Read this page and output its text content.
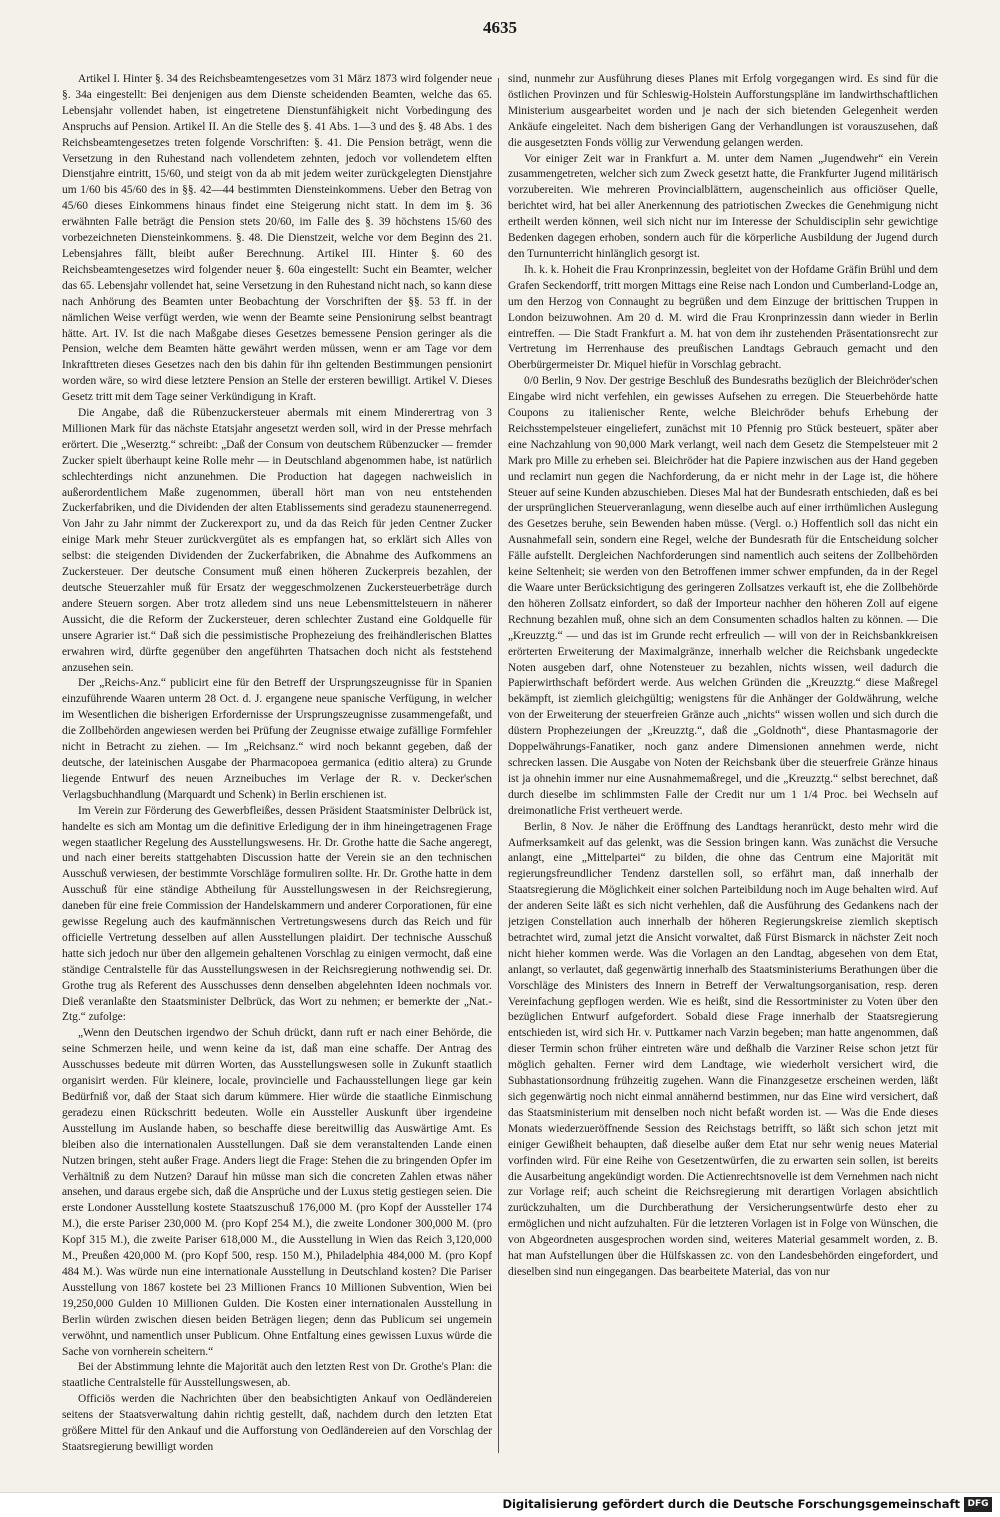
4635

Artikel I. Hinter §. 34 des Reichsbeamtengesetzes vom 31 März 1873 wird folgender neue §. 34a eingestellt: Bei denjenigen aus dem Dienste scheidenden Beamten, welche das 65. Lebensjahr vollendet haben, ist eingetretene Dienstunfähigkeit nicht Vorbedingung des Anspruchs auf Pension. Artikel II. An die Stelle des §. 41 Abs. 1—3 und des §. 48 Abs. 1 des Reichsbeamtengesetzes treten folgende Vorschriften: §. 41. Die Pension beträgt, wenn die Versetzung in den Ruhestand nach vollendetem zehnten, jedoch vor vollendetem elften Dienstjahre eintritt, 15/60, und steigt von da ab mit jedem weiter zurückgelegten Dienstjahre um 1/60 bis 45/60 des in §§. 42—44 bestimmten Diensteinkommens. Ueber den Betrag von 45/60 dieses Einkommens hinaus findet eine Steigerung nicht statt. In dem im §. 36 erwähnten Falle beträgt die Pension stets 20/60, im Falle des §. 39 höchstens 15/60 des vorbezeichneten Diensteinkommens. §. 48. Die Dienstzeit, welche vor dem Beginn des 21. Lebensjahres fällt, bleibt außer Berechnung. Artikel III. Hinter §. 60 des Reichsbeamtengesetzes wird folgender neuer §. 60a eingestellt: Sucht ein Beamter, welcher das 65. Lebensjahr vollendet hat, seine Versetzung in den Ruhestand nicht nach, so kann diese nach Anhörung des Beamten unter Beobachtung der Vorschriften der §§. 53 ff. in der nämlichen Weise verfügt werden, wie wenn der Beamte seine Pensionirung selbst beantragt hätte. Art. IV. Ist die nach Maßgabe dieses Gesetzes bemessene Pension geringer als die Pension, welche dem Beamten hätte gewährt werden müssen, wenn er am Tage vor dem Inkrafttreten dieses Gesetzes nach den bis dahin für ihn geltenden Bestimmungen pensionirt worden wäre, so wird diese letztere Pension an Stelle der ersteren bewilligt. Artikel V. Dieses Gesetz tritt mit dem Tage seiner Verkündigung in Kraft.

Die Angabe, daß die Rübenzuckersteuer abermals mit einem Minderertrag von 3 Millionen Mark für das nächste Etatsjahr angesetzt werden soll, wird in der Presse mehrfach erörtert. Die „Weserztg.“ schreibt: „Daß der Consum von deutschem Rübenzucker — fremder Zucker spielt überhaupt keine Rolle mehr — in Deutschland abgenommen habe, ist natürlich schlechterdings nicht anzunehmen. Die Production hat dagegen nachweislich in außerordentlichem Maße zugenommen, überall hört man von neu entstehenden Zuckerfabriken, und die Dividenden der alten Etablissements sind geradezu staunenerregend. Von Jahr zu Jahr nimmt der Zuckerexport zu, und da das Reich für jeden Centner Zucker einige Mark mehr Steuer zurückvergütet als es empfangen hat, so erklärt sich Alles von selbst: die steigenden Dividenden der Zuckerfabriken, die Abnahme des Aufkommens an Zuckersteuer. Der deutsche Consument muß einen höheren Zuckerpreis bezahlen, der deutsche Steuerzahler muß für Ersatz der weggeschmolzenen Zuckersteuerbeträge durch andere Steuern sorgen. Aber trotz alledem sind uns neue Lebensmittelsteuern in näherer Aussicht, die die Reform der Zuckersteuer, deren schlechter Zustand eine Goldquelle für unsere Agrarier ist.“ Daß sich die pessimistische Prophezeiung des freihändlerischen Blattes erwahren wird, dürfte gegenüber den angeführten Thatsachen doch nicht als feststehend anzusehen sein.

Der „Reichs-Anz.“ publicirt eine für den Betreff der Ursprungszeugnisse für in Spanien einzuführende Waaren unterm 28 Oct. d. J. ergangene neue spanische Verfügung, in welcher im Wesentlichen die bisherigen Erfordernisse der Ursprungszeugnisse zusammengefaßt, und die Zollbehörden angewiesen werden bei Prüfung der Zeugnisse etwaige zufällige Formfehler nicht in Betracht zu ziehen. — Im „Reichsanz.“ wird noch bekannt gegeben, daß der deutsche, der lateinischen Ausgabe der Pharmacopoea germanica (editio altera) zu Grunde liegende Entwurf des neuen Arzneibuches im Verlage der R. v. Decker'schen Verlagsbuchhandlung (Marquardt und Schenk) in Berlin erschienen ist.

Im Verein zur Förderung des Gewerbfleißes, dessen Präsident Staatsminister Delbrück ist, handelte es sich am Montag um die definitive Erledigung der in ihm hineingetragenen Frage wegen staatlicher Regelung des Ausstellungswesens. Hr. Dr. Grothe hatte die Sache angeregt, und nach einer bereits stattgehabten Discussion hatte der Verein sie an den technischen Ausschuß verwiesen, der bestimmte Vorschläge formuliren sollte. Hr. Dr. Grothe hatte in dem Ausschuß für eine ständige Abtheilung für Ausstellungswesen in der Reichsregierung, daneben für eine freie Commission der Handelskammern und anderer Corporationen, für eine gewisse Regelung auch des kaufmännischen Vertretungswesens durch das Reich und für officielle Vertretung desselben auf allen Ausstellungen plaidirt. Der technische Ausschuß hatte sich jedoch nur über den allgemein gehaltenen Vorschlag zu einigen vermocht, daß eine ständige Centralstelle für das Ausstellungswesen in der Reichsregierung nothwendig sei. Dr. Grothe trug als Referent des Ausschusses denn denselben abgelehnten Ideen nochmals vor. Dieß veranlaßte den Staatsminister Delbrück, das Wort zu nehmen; er bemerkte der „Nat.-Ztg.“ zufolge:

„Wenn den Deutschen irgendwo der Schuh drückt, dann ruft er nach einer Behörde, die seine Schmerzen heile, und wenn keine da ist, daß man eine schaffe. Der Antrag des Ausschusses bedeute mit dürren Worten, das Ausstellungswesen solle in Zukunft staatlich organisirt werden. Für kleinere, locale, provincielle und Fachausstellungen liege gar kein Bedürfniß vor, daß der Staat sich darum kümmere. Hier würde die staatliche Einmischung geradezu einen Rückschritt bedeuten. Wolle ein Aussteller Auskunft über irgendeine Ausstellung im Auslande haben, so beschaffe diese bereitwillig das Auswärtige Amt. Es bleiben also die internationalen Ausstellungen. Daß sie dem veranstaltenden Lande einen Nutzen bringen, steht außer Frage. Anders liegt die Frage: Stehen die zu bringenden Opfer im Verhältniß zu dem Nutzen? Darauf hin müsse man sich die concreten Zahlen etwas näher ansehen, und daraus ergebe sich, daß die Ansprüche und der Luxus stetig gestiegen seien. Die erste Londoner Ausstellung kostete Staatszuschuß 176,000 M. (pro Kopf der Aussteller 174 M.), die erste Pariser 230,000 M. (pro Kopf 254 M.), die zweite Londoner 300,000 M. (pro Kopf 315 M.), die zweite Pariser 618,000 M., die Ausstellung in Wien das Reich 3,120,000 M., Preußen 420,000 M. (pro Kopf 500, resp. 150 M.), Philadelphia 484,000 M. (pro Kopf 484 M.). Was würde nun eine internationale Ausstellung in Deutschland kosten? Die Pariser Ausstellung von 1867 kostete bei 23 Millionen Francs 10 Millionen Subvention, Wien bei 19,250,000 Gulden 10 Millionen Gulden. Die Kosten einer internationalen Ausstellung in Berlin würden zwischen diesen beiden Beträgen liegen; denn das Publicum sei ungemein verwöhnt, und namentlich unser Publicum. Ohne Entfaltung eines gewissen Luxus würde die Sache von vornherein scheitern.“

Bei der Abstimmung lehnte die Majorität auch den letzten Rest von Dr. Grothe's Plan: die staatliche Centralstelle für Ausstellungswesen, ab.

Officiös werden die Nachrichten über den beabsichtigten Ankauf von Oedländereien seitens der Staatsverwaltung dahin richtig gestellt, daß, nachdem durch den letzten Etat größere Mittel für den Ankauf und die Aufforstung von Oedländereien auf den Vorschlag der Staatsregierung bewilligt worden

sind, nunmehr zur Ausführung dieses Planes mit Erfolg vorgegangen wird. Es sind für die östlichen Provinzen und für Schleswig-Holstein Aufforstungspläne im landwirthschaftlichen Ministerium ausgearbeitet worden und je nach der sich bietenden Gelegenheit werden Ankäufe eingeleitet. Nach dem bisherigen Gang der Verhandlungen ist vorauszusehen, daß die ausgesetzten Fonds völlig zur Verwendung gelangen werden.

Vor einiger Zeit war in Frankfurt a. M. unter dem Namen „Jugendwehr“ ein Verein zusammengetreten, welcher sich zum Zweck gesetzt hatte, die Frankfurter Jugend militärisch vorzubereiten. Wie mehreren Provincialblättern, augenscheinlich aus officiöser Quelle, berichtet wird, hat bei aller Anerkennung des patriotischen Zweckes die Genehmigung nicht ertheilt werden können, weil sich nicht nur im Interesse der Schuldisciplin sehr gewichtige Bedenken dagegen erhoben, sondern auch für die körperliche Ausbildung der Jugend durch den Turnunterricht hinlänglich gesorgt ist.

Ih. k. k. Hoheit die Frau Kronprinzessin, begleitet von der Hofdame Gräfin Brühl und dem Grafen Seckendorff, tritt morgen Mittags eine Reise nach London und Cumberland-Lodge an, um den Herzog von Connaught zu begrüßen und dem Einzuge der brittischen Truppen in London beizuwohnen. Am 20 d. M. wird die Frau Kronprinzessin dann wieder in Berlin eintreffen. — Die Stadt Frankfurt a. M. hat von dem ihr zustehenden Präsentationsrecht zur Vertretung im Herrenhause des preußischen Landtags Gebrauch gemacht und den Oberbürgermeister Dr. Miquel hiefür in Vorschlag gebracht.

0/0 Berlin, 9 Nov. Der gestrige Beschluß des Bundesraths bezüglich der Bleichröder'schen Eingabe wird nicht verfehlen, ein gewisses Aufsehen zu erregen. Die Steuerbehörde hatte Coupons zu italienischer Rente, welche Bleichröder behufs Erhebung der Reichsstempelsteuer eingeliefert, zunächst mit 10 Pfennig pro Stück besteuert, später aber eine Nachzahlung von 90,000 Mark verlangt, weil nach dem Gesetz die Stempelsteuer mit 2 Mark pro Mille zu erheben sei. Bleichröder hat die Papiere inzwischen aus der Hand gegeben und reclamirt nun gegen die Nachforderung, da er nicht mehr in der Lage ist, die höhere Steuer auf seine Kunden abzuschieben. Dieses Mal hat der Bundesrath entschieden, daß es bei der ursprünglichen Steuerveranlagung, wenn dieselbe auch auf einer irrthümlichen Auslegung des Gesetzes beruhe, sein Bewenden haben müsse. (Vergl. o.) Hoffentlich soll das nicht ein Ausnahmefall sein, sondern eine Regel, welche der Bundesrath für die Entscheidung solcher Fälle aufstellt. Dergleichen Nachforderungen sind namentlich auch seitens der Zollbehörden keine Seltenheit; sie werden von den Betroffenen immer schwer empfunden, da in der Regel die Waare unter Berücksichtigung des geringeren Zollsatzes verkauft ist, ehe die Zollbehörde den höheren Zollsatz einfordert, so daß der Importeur nachher den höheren Zoll auf eigene Rechnung bezahlen muß, ohne sich an dem Consumenten schadlos halten zu können. — Die „Kreuzztg.“ — und das ist im Grunde recht erfreulich — will von der in Reichsbankkreisen erörterten Erweiterung der Maximalgränze, innerhalb welcher die Reichsbank ungedeckte Noten ausgeben darf, ohne Notensteuer zu bezahlen, nichts wissen, weil dadurch die Papierwirthschaft befördert werde. Aus welchen Gründen die „Kreuzztg.“ diese Maßregel bekämpft, ist ziemlich gleichgültig; wenigstens für die Anhänger der Goldwährung, welche von der Erweiterung der steuerfreien Gränze auch „nichts“ wissen wollen und sich durch die düstern Prophezeiungen der „Kreuzztg.“, daß die „Goldnoth“, diese Phantasmagorie der Doppelwährungs-Fanatiker, noch ganz andere Dimensionen annehmen werde, nicht schrecken lassen. Die Ausgabe von Noten der Reichsbank über die steuerfreie Gränze hinaus ist ja ohnehin immer nur eine Ausnahmemaßregel, und die „Kreuzztg.“ selbst berechnet, daß durch dieselbe im schlimmsten Falle der Credit nur um 1 1/4 Proc. bei Wechseln auf dreimonatliche Frist vertheuert werde.

Berlin, 8 Nov. Je näher die Eröffnung des Landtags heranrückt, desto mehr wird die Aufmerksamkeit auf das gelenkt, was die Session bringen kann. Was zunächst die Versuche anlangt, eine „Mittelpartei“ zu bilden, die ohne das Centrum eine Majorität mit regierungsfreundlicher Tendenz darstellen soll, so erfährt man, daß innerhalb der Staatsregierung die Möglichkeit einer solchen Parteibildung noch im Auge behalten wird. Auf der anderen Seite läßt es sich nicht verhehlen, daß die Ausführung des Gedankens nach der jetzigen Constellation auch innerhalb der höheren Regierungskreise ziemlich skeptisch betrachtet wird, zumal jetzt die Ansicht vorwaltet, daß Fürst Bismarck in nächster Zeit noch nicht hieher kommen werde. Was die Vorlagen an den Landtag, abgesehen von dem Etat, anlangt, so verlautet, daß gegenwärtig innerhalb des Staatsministeriums Berathungen über die Vorschläge des Ministers des Innern in Betreff der Verwaltungsorganisation, resp. deren Vereinfachung gepflogen werden. Wie es heißt, sind die Ressortminister zu Voten über den bezüglichen Entwurf aufgefordert. Sobald diese Frage innerhalb der Staatsregierung entschieden ist, wird sich Hr. v. Puttkamer nach Varzin begeben; man hatte angenommen, daß dieser Termin schon früher eintreten wäre und deßhalb die Varziner Reise schon jetzt für möglich gehalten. Ferner wird dem Landtage, wie wiederholt versichert wird, die Subhastationsordnung frühzeitig zugehen. Wann die Finanzgesetze erscheinen werden, läßt sich gegenwärtig noch nicht einmal annähernd bestimmen, nur das Eine wird versichert, daß das Staatsministerium mit denselben noch nicht befaßt worden ist. — Was die Ende dieses Monats wiederzueröffnende Session des Reichstags betrifft, so läßt sich schon jetzt mit einiger Gewißheit behaupten, daß dieselbe außer dem Etat nur sehr wenig neues Material vorfinden wird. Für eine Reihe von Gesetzentwürfen, die zu erwarten sein sollen, ist bereits die Ausarbeitung angekündigt worden. Die Actienrechtsnovelle ist dem Vernehmen nach nicht zur Vorlage reif; auch scheint die Reichsregierung mit derartigen Vorlagen absichtlich zurückzuhalten, um die Durchberathung der Versicherungsentwürfe desto eher zu ermöglichen und nicht aufzuhalten. Für die letzteren Vorlagen ist in Folge von Wünschen, die von Abgeordneten ausgesprochen worden sind, weiteres Material gesammelt worden, z. B. hat man Aufstellungen über die Hülfskassen zc. von den Landesbehörden eingefordert, und dieselben sind nun eingegangen. Das bearbeitete Material, das von nur

Digitalisierung gefördert durch die Deutsche Forschungsgemeinschaft DFG
